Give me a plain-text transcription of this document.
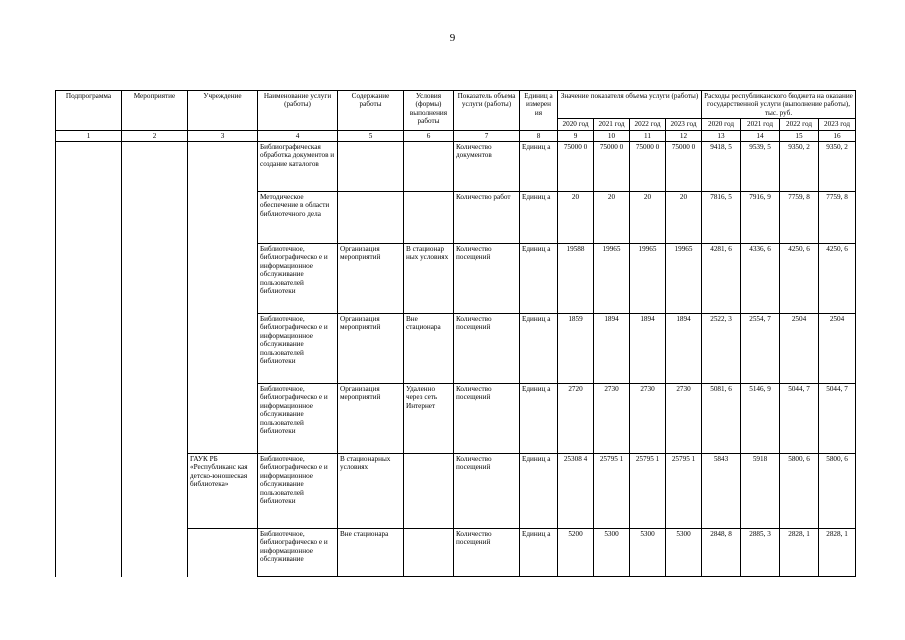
9
Подпрограмма	Мероприятие	Учреждение	Наименование услуги (работы)	Содержание работы	Условия (формы) выполнения работы	Показатель объема услуги (работы)	Единиц а измерен ия	Значение показателя объема услуги (работы)				Расходы республиканского бюджета на оказание государственной услуги (выполнение работы), тыс. руб.			
								2020 год	2021 год	2022 год	2023 год	2020 год	2021 год	2022 год	2023 год
1	2	3	4	5	6	7	8	9	10	11	12	13	14	15	16
			Библиографическая обработка документов и создание каталогов			Количество документов	Единиц а	75000 0	75000 0	75000 0	75000 0	9418, 5	9539, 5	9350, 2	9350, 2
			Методическое обеспечение в области библиотечного дела			Количество работ	Единиц а	20	20	20	20	7816, 5	7916, 9	7759, 8	7759, 8
			Библиотечное, библиографическо е и информационное обслуживание пользователей библиотеки	Организация мероприятий	В стационар ных условиях	Количество посещений	Единиц а	19588	19965	19965	19965	4281, 6	4336, 6	4250, 6	4250, 6
			Библиотечное, библиографическо е и информационное обслуживание пользователей библиотеки	Организация мероприятий	Вне стационара	Количество посещений	Единиц а	1859	1894	1894	1894	2522, 3	2554, 7	2504	2504
			Библиотечное, библиографическо е и информационное обслуживание пользователей библиотеки	Организация мероприятий	Удаленно через сеть Интернет	Количество посещений	Единиц а	2720	2730	2730	2730	5081, 6	5146, 9	5044, 7	5044, 7
		ГАУК РБ «Республиканс кая детско-юношеская библиотека»	Библиотечное, библиографическо е и информационное обслуживание пользователей библиотеки	В стационарных условиях		Количество посещений	Единиц а	25308 4	25795 1	25795 1	25795 1	5843	5918	5800, 6	5800, 6
			Библиотечное, библиографическо е и информационное обслуживание	Вне стационара		Количество посещений	Единиц а	5200	5300	5300	5300	2848, 8	2885, 3	2828, 1	2828, 1
